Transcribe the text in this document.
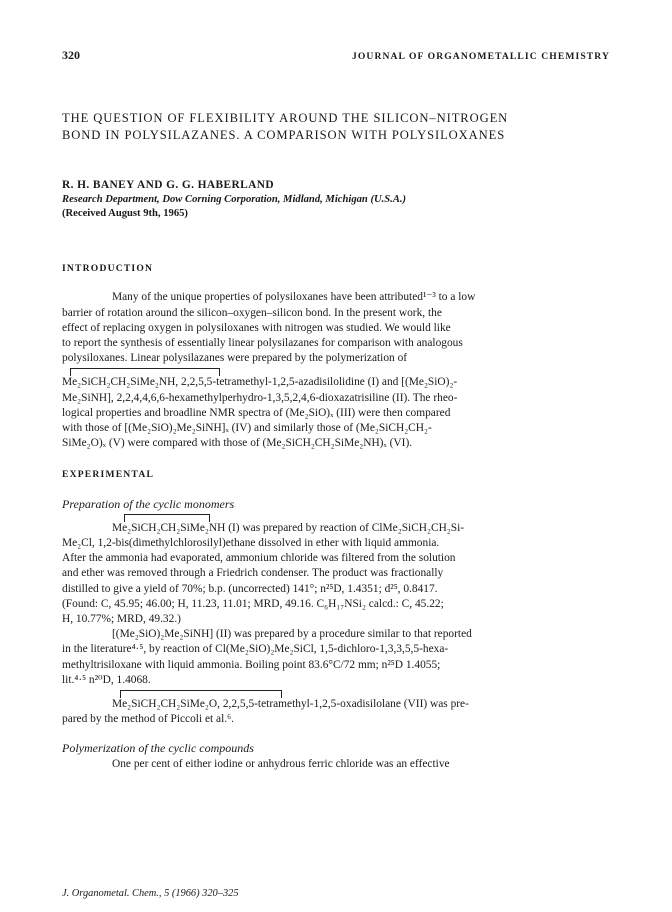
320	JOURNAL OF ORGANOMETALLIC CHEMISTRY
THE QUESTION OF FLEXIBILITY AROUND THE SILICON–NITROGEN
BOND IN POLYSILAZANES. A COMPARISON WITH POLYSILOXANES
R. H. BANEY AND G. G. HABERLAND
Research Department, Dow Corning Corporation, Midland, Michigan (U.S.A.)
(Received August 9th, 1965)
INTRODUCTION
Many of the unique properties of polysiloxanes have been attributed¹⁻³ to a low
barrier of rotation around the silicon–oxygen–silicon bond. In the present work, the
effect of replacing oxygen in polysiloxanes with nitrogen was studied. We would like
to report the synthesis of essentially linear polysilazanes for comparison with analogous
polysiloxanes. Linear polysilazanes were prepared by the polymerization of
Me₂SiCH₂CH₂SiMe₂NH, 2,2,5,5-tetramethyl-1,2,5-azadisilolidine (I) and [(Me₂SiO)₂-
Me₂SiNH], 2,2,4,4,6,6-hexamethylperhydro-1,3,5,2,4,6-dioxazatrisiline (II). The rheo-
logical properties and broadline NMR spectra of (Me₂SiO)ₓ (III) were then compared
with those of [(Me₂SiO)₂Me₂SiNH]ₓ (IV) and similarly those of (Me₂SiCH₂CH₂-
SiMe₂O)ₓ (V) were compared with those of (Me₂SiCH₂CH₂SiMe₂NH)ₓ (VI).
EXPERIMENTAL
Preparation of the cyclic monomers
Me₂SiCH₂CH₂SiMe₂NH (I) was prepared by reaction of ClMe₂SiCH₂CH₂Si-
Me₂Cl, 1,2-bis(dimethylchlorosilyl)ethane dissolved in ether with liquid ammonia.
After the ammonia had evaporated, ammonium chloride was filtered from the solution
and ether was removed through a Friedrich condenser. The product was fractionally
distilled to give a yield of 70%; b.p. (uncorrected) 141°; n²⁵D, 1.4351; d²⁵, 0.8417.
(Found: C, 45.95; 46.00; H, 11.23, 11.01; MRD, 49.16. C₆H₁₇NSi₂ calcd.: C, 45.22;
H, 10.77%; MRD, 49.32.)
[(Me₂SiO)₂Me₂SiNH] (II) was prepared by a procedure similar to that reported
in the literature⁴·⁵, by reaction of Cl(Me₂SiO)₂Me₂SiCl, 1,5-dichloro-1,3,3,5,5-hexa-
methyltrisiloxane with liquid ammonia. Boiling point 83.6°C/72 mm; n²⁵D 1.4055;
lit.⁴·⁵ n²⁰D, 1.4068.
Me₂SiCH₂CH₂SiMe₂O, 2,2,5,5-tetramethyl-1,2,5-oxadisilolane (VII) was pre-
pared by the method of Piccoli et al.⁶.
Polymerization of the cyclic compounds
One per cent of either iodine or anhydrous ferric chloride was an effective
J. Organometal. Chem., 5 (1966) 320–325
